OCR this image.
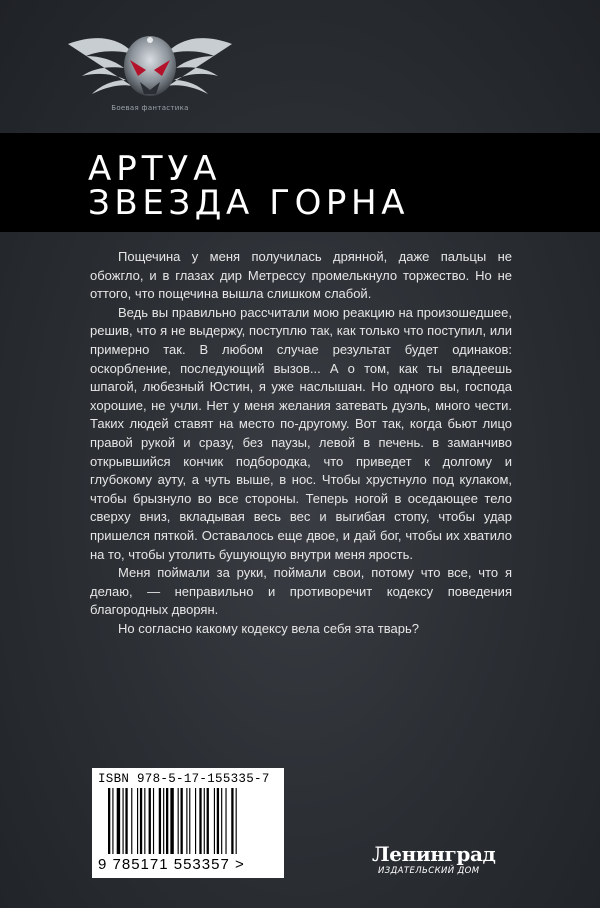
Боевая фантастика
АРТУА
ЗВЕЗДА ГОРНА

Пощечина у меня получилась дрянной, даже пальцы не обожгло, и в глазах дир Метрессу промелькнуло торжество. Но не оттого, что пощечина вышла слишком слабой.

Ведь вы правильно рассчитали мою реакцию на произошедшее, решив, что я не выдержу, поступлю так, как только что поступил, или примерно так. В любом случае результат будет одинаков: оскорбление, последующий вызов... А о том, как ты владеешь шпагой, любезный Юстин, я уже наслышан. Но одного вы, господа хорошие, не учли. Нет у меня желания затевать дуэль, много чести. Таких людей ставят на место по-другому. Вот так, когда бьют лицо правой рукой и сразу, без паузы, левой в печень. в заманчиво открывшийся кончик подбородка, что приведет к долгому и глубокому ауту, а чуть выше, в нос. Чтобы хрустнуло под кулаком, чтобы брызнуло во все стороны. Теперь ногой в оседающее тело сверху вниз, вкладывая весь вес и выгибая стопу, чтобы удар пришелся пяткой. Оставалось еще двое, и дай бог, чтобы их хватило на то, чтобы утолить бушующую внутри меня ярость.

Меня поймали за руки, поймали свои, потому что все, что я делаю, — неправильно и противоречит кодексу поведения благородных дворян.

Но согласно какому кодексу вела себя эта тварь?

ISBN 978-5-17-155335-7
9 785171 553357 >	Ленинград
ИЗДАТЕЛЬСКИЙ ДОМ
